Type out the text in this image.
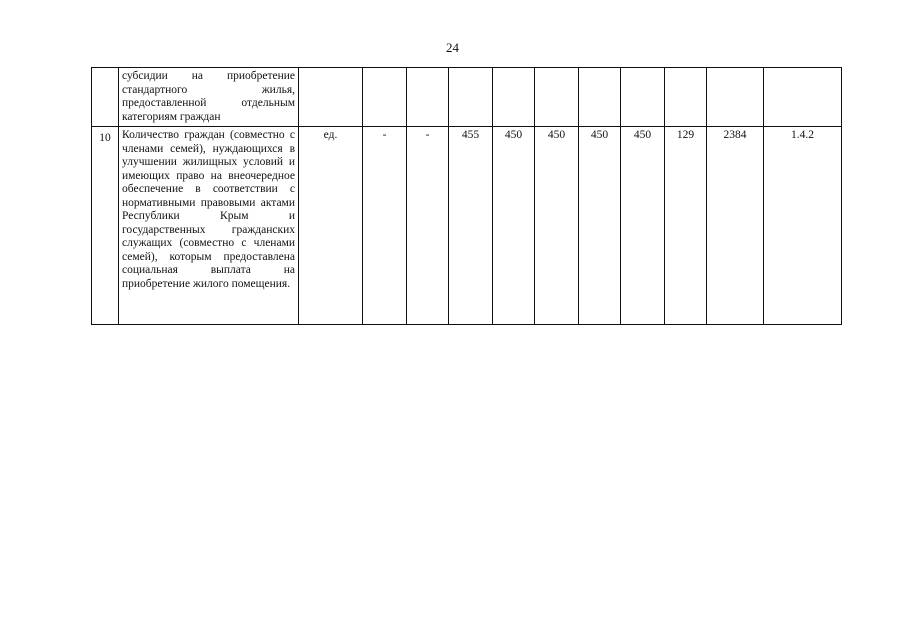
24
	субсидии на приобретение стандартного жилья, предоставленной отдельным категориям граждан											
10	Количество граждан (совместно с членами семей), нуждающихся в улучшении жилищных условий и имеющих право на внеочередное обеспечение в соответствии с нормативными правовыми актами Республики Крым и государственных гражданских служащих (совместно с членами семей), которым предоставлена социальная выплата на приобретение жилого помещения.	ед.	-	-	455	450	450	450	450	129	2384	1.4.2
